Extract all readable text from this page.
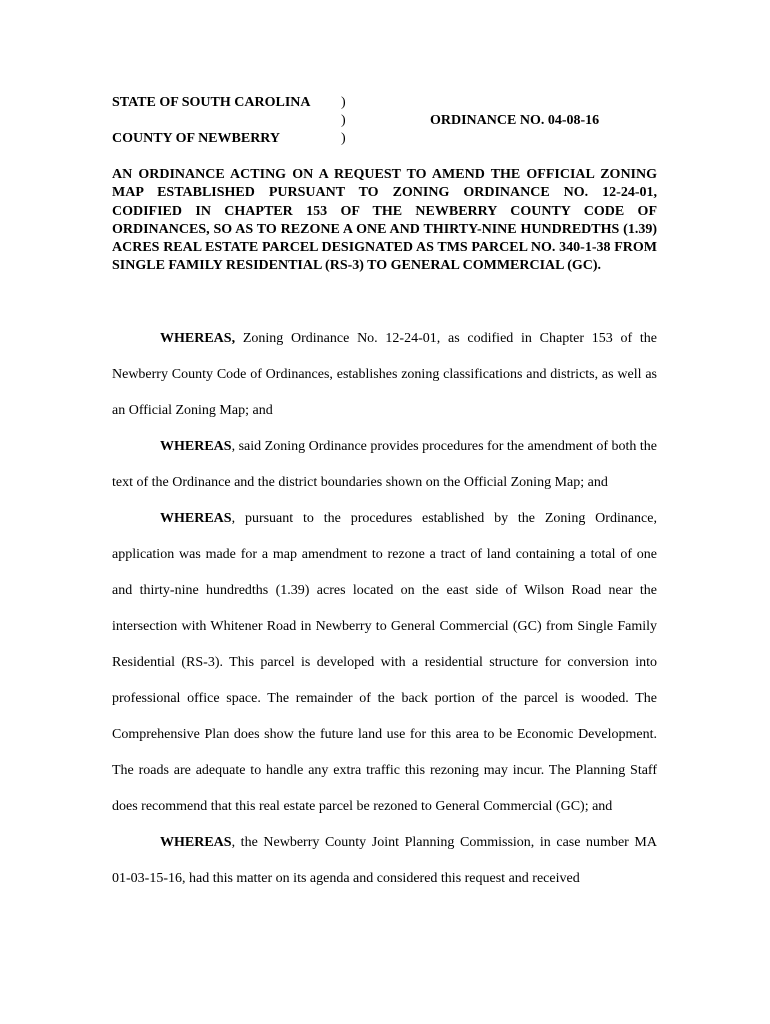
STATE OF SOUTH CAROLINA )
)	ORDINANCE NO. 04-08-16
COUNTY OF NEWBERRY	)

AN ORDINANCE ACTING ON A REQUEST TO AMEND THE OFFICIAL ZONING MAP ESTABLISHED PURSUANT TO ZONING ORDINANCE NO. 12-24-01, CODIFIED IN CHAPTER 153 OF THE NEWBERRY COUNTY CODE OF ORDINANCES, SO AS TO REZONE A ONE AND THIRTY-NINE HUNDREDTHS (1.39) ACRES REAL ESTATE PARCEL DESIGNATED AS TMS PARCEL NO. 340-1-38 FROM SINGLE FAMILY RESIDENTIAL (RS-3) TO GENERAL COMMERCIAL (GC).

WHEREAS, Zoning Ordinance No. 12-24-01, as codified in Chapter 153 of the Newberry County Code of Ordinances, establishes zoning classifications and districts, as well as an Official Zoning Map; and

WHEREAS, said Zoning Ordinance provides procedures for the amendment of both the text of the Ordinance and the district boundaries shown on the Official Zoning Map; and

WHEREAS, pursuant to the procedures established by the Zoning Ordinance, application was made for a map amendment to rezone a tract of land containing a total of one and thirty-nine hundredths (1.39) acres located on the east side of Wilson Road near the intersection with Whitener Road in Newberry to General Commercial (GC) from Single Family Residential (RS-3). This parcel is developed with a residential structure for conversion into professional office space. The remainder of the back portion of the parcel is wooded. The Comprehensive Plan does show the future land use for this area to be Economic Development. The roads are adequate to handle any extra traffic this rezoning may incur. The Planning Staff does recommend that this real estate parcel be rezoned to General Commercial (GC); and

WHEREAS, the Newberry County Joint Planning Commission, in case number MA 01-03-15-16, had this matter on its agenda and considered this request and received
